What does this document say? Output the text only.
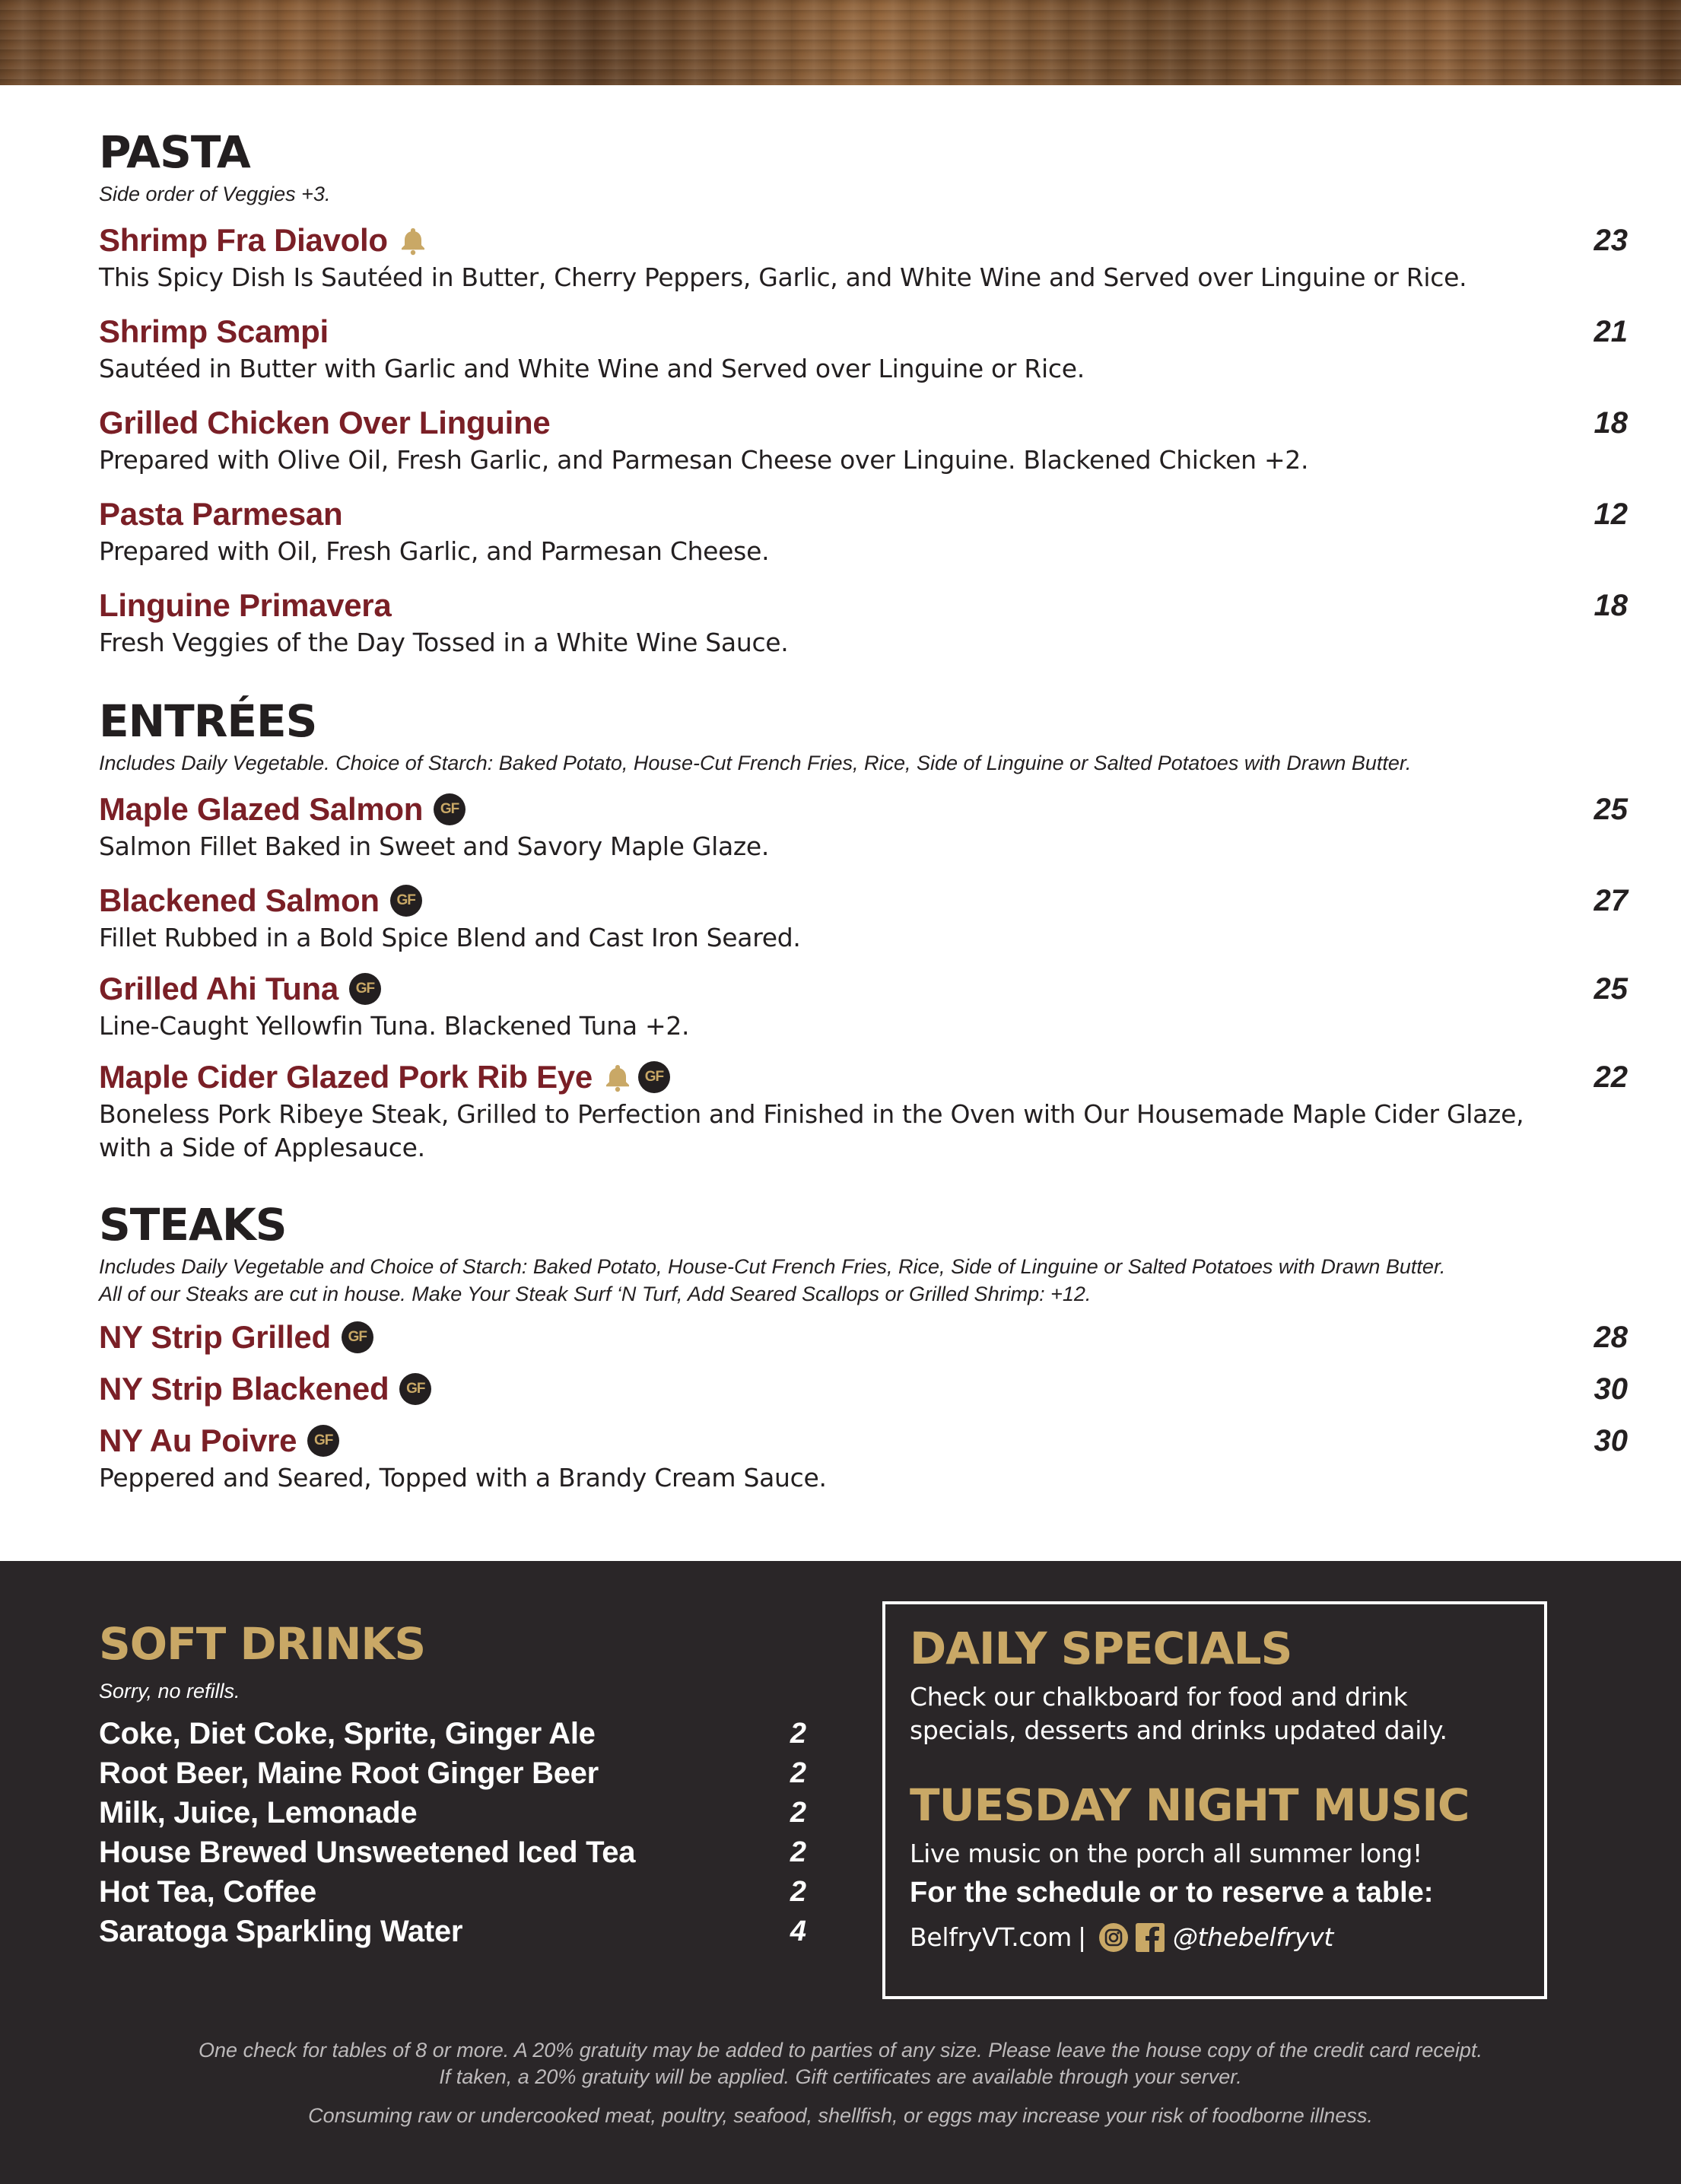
PASTA

Side order of Veggies +3.

Shrimp Fra Diavolo	23
This Spicy Dish Is Sautéed in Butter, Cherry Peppers, Garlic, and White Wine and Served over Linguine or Rice.
Shrimp Scampi	21
Sautéed in Butter with Garlic and White Wine and Served over Linguine or Rice.
Grilled Chicken Over Linguine	18
Prepared with Olive Oil, Fresh Garlic, and Parmesan Cheese over Linguine. Blackened Chicken +2.
Pasta Parmesan	12
Prepared with Oil, Fresh Garlic, and Parmesan Cheese.
Linguine Primavera	18
Fresh Veggies of the Day Tossed in a White Wine Sauce.
ENTRÉES

Includes Daily Vegetable. Choice of Starch: Baked Potato, House-Cut French Fries, Rice, Side of Linguine or Salted Potatoes with Drawn Butter.

Maple Glazed Salmon	GF	25
Salmon Fillet Baked in Sweet and Savory Maple Glaze.
Blackened Salmon	GF	27
Fillet Rubbed in a Bold Spice Blend and Cast Iron Seared.
Grilled Ahi Tuna	GF	25
Line-Caught Yellowfin Tuna. Blackened Tuna +2.
Maple Cider Glazed Pork Rib Eye	GF	22
Boneless Pork Ribeye Steak, Grilled to Perfection and Finished in the Oven with Our Housemade Maple Cider Glaze, with a Side of Applesauce.
STEAKS

Includes Daily Vegetable and Choice of Starch: Baked Potato, House-Cut French Fries, Rice, Side of Linguine or Salted Potatoes with Drawn Butter.

All of our Steaks are cut in house. Make Your Steak Surf ‘N Turf, Add Seared Scallops or Grilled Shrimp: +12.

NY Strip Grilled	GF	28
NY Strip Blackened	GF	30
NY Au Poivre	GF	30
Peppered and Seared, Topped with a Brandy Cream Sauce.
SOFT DRINKS

Sorry, no refills.

Coke, Diet Coke, Sprite, Ginger Ale	2
Root Beer, Maine Root Ginger Beer	2
Milk, Juice, Lemonade	2
House Brewed Unsweetened Iced Tea	2
Hot Tea, Coffee	2
Saratoga Sparkling Water	4
DAILY SPECIALS
Check our chalkboard for food and drink specials, desserts and drinks updated daily.
TUESDAY NIGHT MUSIC
Live music on the porch all summer long!
For the schedule or to reserve a table:
BelfryVT.com |	@thebelfryvt
One check for tables of 8 or more. A 20% gratuity may be added to parties of any size. Please leave the house copy of the credit card receipt.
If taken, a 20% gratuity will be applied. Gift certificates are available through your server.
Consuming raw or undercooked meat, poultry, seafood, shellfish, or eggs may increase your risk of foodborne illness.
